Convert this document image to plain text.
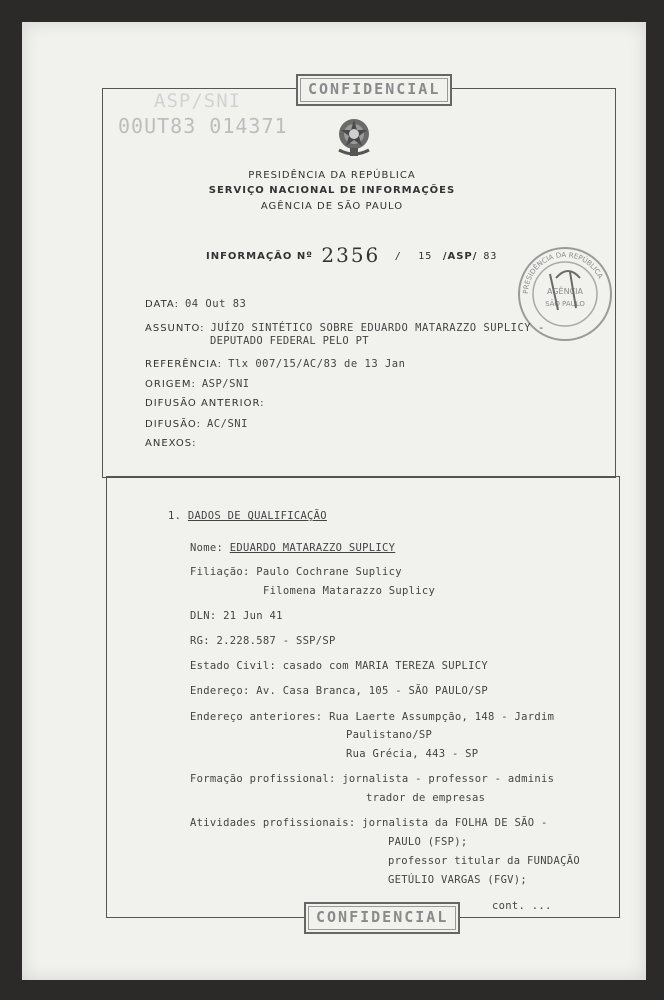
ASP/SNI
00UT83 014371
CONFIDENCIAL
PRESIDÊNCIA DA REPÚBLICA
SERVIÇO NACIONAL DE INFORMAÇÕES
AGÊNCIA DE SÃO PAULO
INFORMAÇÃO Nº 2356 / 15 /ASP/ 83
PRESIDÊNCIA DA REPÚBLICA
AGÊNCIA
SÃO PAULO
DATA: 04 Out 83
ASSUNTO: JUÍZO SINTÉTICO SOBRE EDUARDO MATARAZZO SUPLICY -
DEPUTADO FEDERAL PELO PT
REFERÊNCIA: Tlx 007/15/AC/83 de 13 Jan
ORIGEM: ASP/SNI
DIFUSÃO ANTERIOR:
DIFUSÃO: AC/SNI
ANEXOS:
1. DADOS DE QUALIFICAÇÃO
Nome: EDUARDO MATARAZZO SUPLICY
Filiação: Paulo Cochrane Suplicy
Filomena Matarazzo Suplicy
DLN: 21 Jun 41
RG: 2.228.587 - SSP/SP
Estado Civil: casado com MARIA TEREZA SUPLICY
Endereço: Av. Casa Branca, 105 - SÃO PAULO/SP
Endereço anteriores: Rua Laerte Assumpção, 148 - Jardim
Paulistano/SP
Rua Grécia, 443 - SP
Formação profissional: jornalista - professor - adminis
trador de empresas
Atividades profissionais: jornalista da FOLHA DE SÃO -
PAULO (FSP);
professor titular da FUNDAÇÃO
GETÚLIO VARGAS (FGV);
cont. ...
CONFIDENCIAL
